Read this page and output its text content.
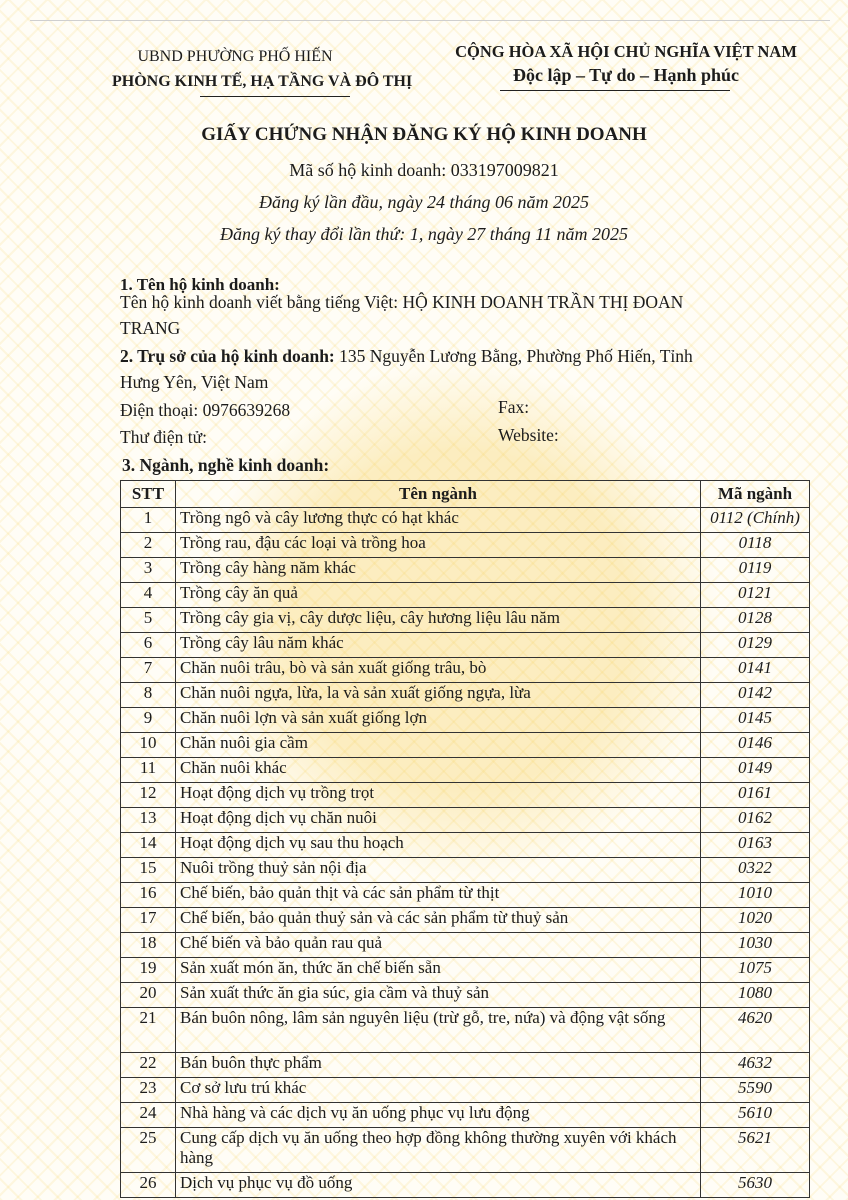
UBND PHƯỜNG PHỐ HIẾN
PHÒNG KINH TẾ, HẠ TẦNG VÀ ĐÔ THỊ
CỘNG HÒA XÃ HỘI CHỦ NGHĨA VIỆT NAM
Độc lập – Tự do – Hạnh phúc
GIẤY CHỨNG NHẬN ĐĂNG KÝ HỘ KINH DOANH
Mã số hộ kinh doanh: 033197009821
Đăng ký lần đầu, ngày 24 tháng 06 năm 2025
Đăng ký thay đổi lần thứ: 1, ngày 27 tháng 11 năm 2025
1. Tên hộ kinh doanh:
Tên hộ kinh doanh viết bằng tiếng Việt: HỘ KINH DOANH TRẦN THỊ ĐOAN
TRANG
2. Trụ sở của hộ kinh doanh: 135 Nguyễn Lương Bằng, Phường Phố Hiến, Tỉnh
Hưng Yên, Việt Nam
Điện thoại: 0976639268	Fax:
Thư điện tử:	Website:
3. Ngành, nghề kinh doanh:
STT	Tên ngành	Mã ngành
1	Trồng ngô và cây lương thực có hạt khác	0112 (Chính)
2	Trồng rau, đậu các loại và trồng hoa	0118
3	Trồng cây hàng năm khác	0119
4	Trồng cây ăn quả	0121
5	Trồng cây gia vị, cây dược liệu, cây hương liệu lâu năm	0128
6	Trồng cây lâu năm khác	0129
7	Chăn nuôi trâu, bò và sản xuất giống trâu, bò	0141
8	Chăn nuôi ngựa, lừa, la và sản xuất giống ngựa, lừa	0142
9	Chăn nuôi lợn và sản xuất giống lợn	0145
10	Chăn nuôi gia cầm	0146
11	Chăn nuôi khác	0149
12	Hoạt động dịch vụ trồng trọt	0161
13	Hoạt động dịch vụ chăn nuôi	0162
14	Hoạt động dịch vụ sau thu hoạch	0163
15	Nuôi trồng thuỷ sản nội địa	0322
16	Chế biến, bảo quản thịt và các sản phẩm từ thịt	1010
17	Chế biến, bảo quản thuỷ sản và các sản phẩm từ thuỷ sản	1020
18	Chế biến và bảo quản rau quả	1030
19	Sản xuất món ăn, thức ăn chế biến sẵn	1075
20	Sản xuất thức ăn gia súc, gia cầm và thuỷ sản	1080
21	Bán buôn nông, lâm sản nguyên liệu (trừ gỗ, tre, nứa) và động vật sống	4620
22	Bán buôn thực phẩm	4632
23	Cơ sở lưu trú khác	5590
24	Nhà hàng và các dịch vụ ăn uống phục vụ lưu động	5610
25	Cung cấp dịch vụ ăn uống theo hợp đồng không thường xuyên với khách hàng	5621
26	Dịch vụ phục vụ đồ uống	5630
